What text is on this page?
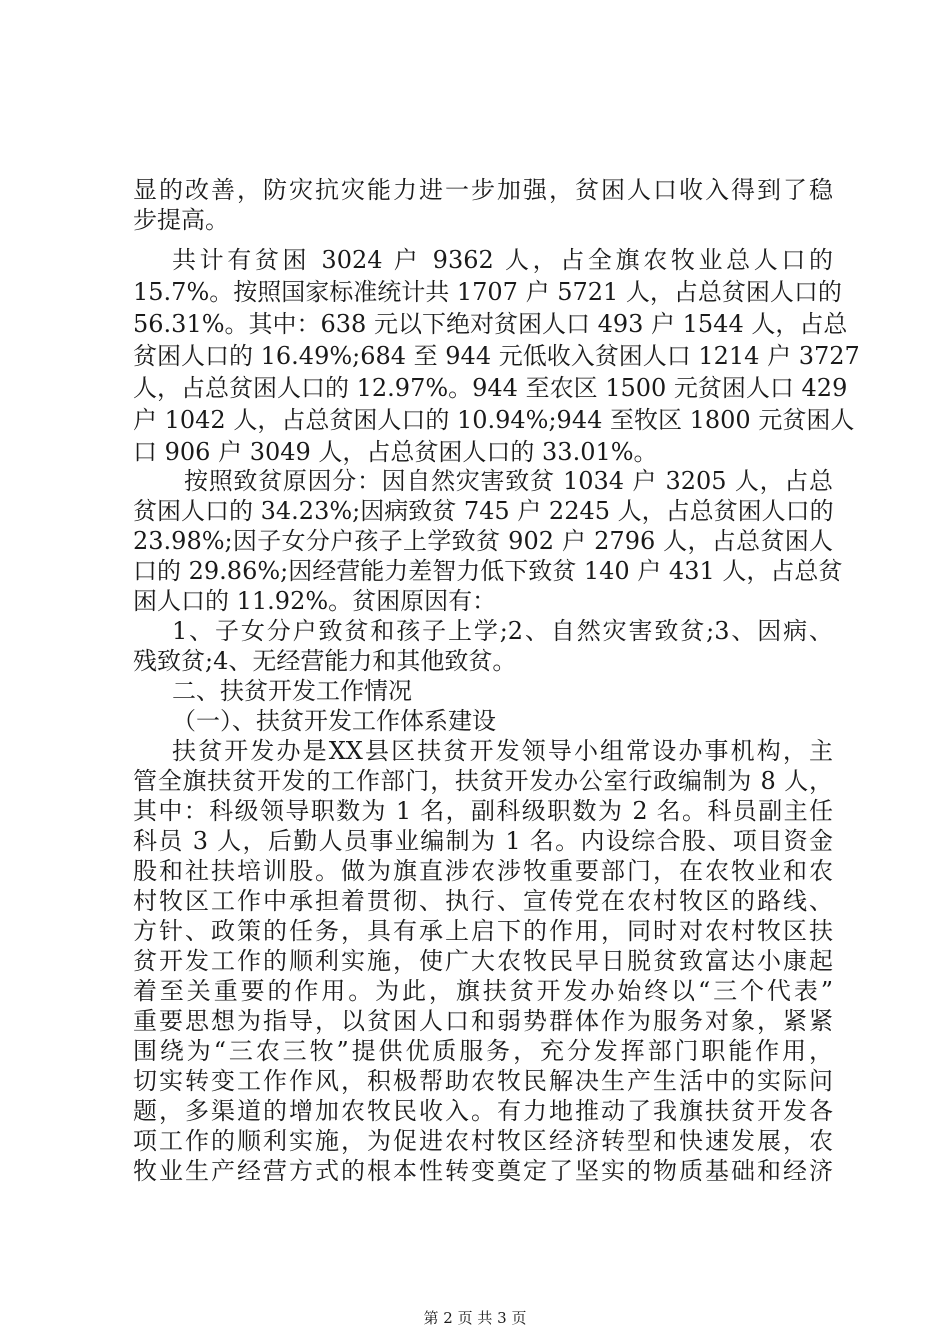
显的改善，防灾抗灾能力进一步加强，贫困人口收入得到了稳
步提高。
共计有贫困 3024 户 9362 人，占全旗农牧业总人口的
15.7%。按照国家标准统计共 1707 户 5721 人，占总贫困人口的
56.31%。其中：638 元以下绝对贫困人口 493 户 1544 人，占总
贫困人口的 16.49%;684 至 944 元低收入贫困人口 1214 户 3727
人，占总贫困人口的 12.97%。944 至农区 1500 元贫困人口 429
户 1042 人，占总贫困人口的 10.94%;944 至牧区 1800 元贫困人
口 906 户 3049 人，占总贫困人口的 33.01%。
按照致贫原因分：因自然灾害致贫 1034 户 3205 人，占总
贫困人口的 34.23%;因病致贫 745 户 2245 人，占总贫困人口的
23.98%;因子女分户孩子上学致贫 902 户 2796 人，占总贫困人
口的 29.86%;因经营能力差智力低下致贫 140 户 431 人，占总贫
困人口的 11.92%。贫困原因有：
1、子女分户致贫和孩子上学;2、自然灾害致贫;3、因病、
残致贫;4、无经营能力和其他致贫。
二、扶贫开发工作情况
（一）、扶贫开发工作体系建设
扶贫开发办是XX县区扶贫开发领导小组常设办事机构，主
管全旗扶贫开发的工作部门，扶贫开发办公室行政编制为 8 人，
其中：科级领导职数为 1 名，副科级职数为 2 名。科员副主任
科员 3 人，后勤人员事业编制为 1 名。内设综合股、项目资金
股和社扶培训股。做为旗直涉农涉牧重要部门，在农牧业和农
村牧区工作中承担着贯彻、执行、宣传党在农村牧区的路线、
方针、政策的任务，具有承上启下的作用，同时对农村牧区扶
贫开发工作的顺利实施，使广大农牧民早日脱贫致富达小康起
着至关重要的作用。为此，旗扶贫开发办始终以“三个代表”
重要思想为指导，以贫困人口和弱势群体作为服务对象，紧紧
围绕为“三农三牧”提供优质服务，充分发挥部门职能作用，
切实转变工作作风，积极帮助农牧民解决生产生活中的实际问
题，多渠道的增加农牧民收入。有力地推动了我旗扶贫开发各
项工作的顺利实施，为促进农村牧区经济转型和快速发展，农
牧业生产经营方式的根本性转变奠定了坚实的物质基础和经济
第 2 页 共 3 页
